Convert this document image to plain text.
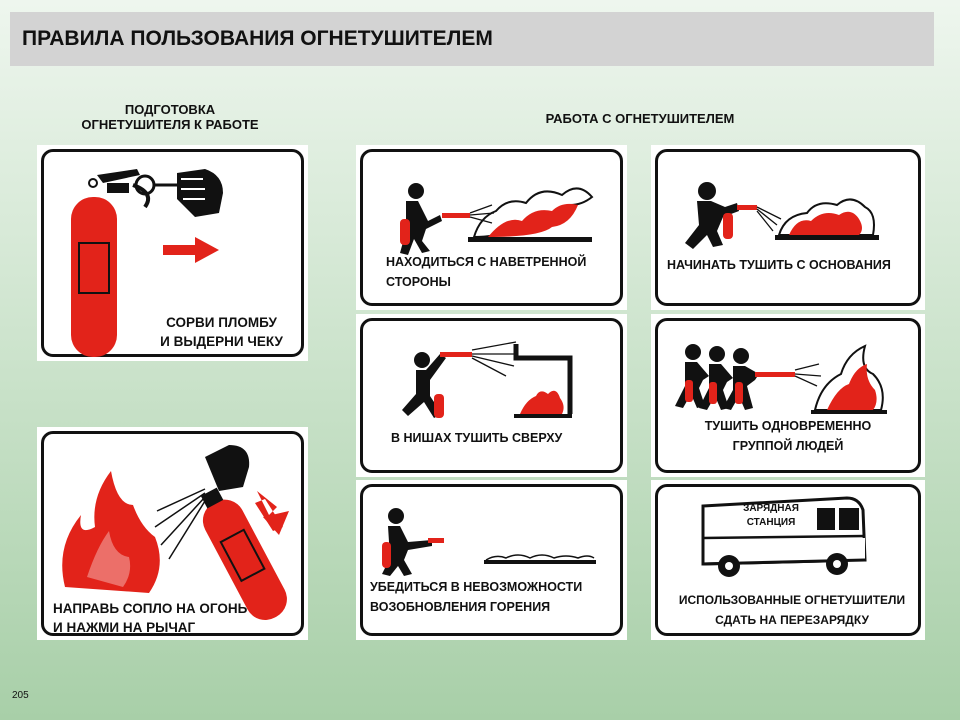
ПРАВИЛА ПОЛЬЗОВАНИЯ ОГНЕТУШИТЕЛЕМ
ПОДГОТОВКА
ОГНЕТУШИТЕЛЯ К РАБОТЕ	РАБОТА С ОГНЕТУШИТЕЛЕМ
СОРВИ ПЛОМБУ
И ВЫДЕРНИ ЧЕКУ
НАПРАВЬ СОПЛО НА ОГОНЬ
И НАЖМИ НА РЫЧАГ
НАХОДИТЬСЯ С НАВЕТРЕННОЙ
СТОРОНЫ
В НИШАХ ТУШИТЬ СВЕРХУ
УБЕДИТЬСЯ В НЕВОЗМОЖНОСТИ
ВОЗОБНОВЛЕНИЯ ГОРЕНИЯ
НАЧИНАТЬ ТУШИТЬ С ОСНОВАНИЯ
ТУШИТЬ ОДНОВРЕМЕННО
ГРУППОЙ ЛЮДЕЙ
ЗАРЯДНАЯ
СТАНЦИЯ
ИСПОЛЬЗОВАННЫЕ ОГНЕТУШИТЕЛИ
СДАТЬ НА ПЕРЕЗАРЯДКУ
205
